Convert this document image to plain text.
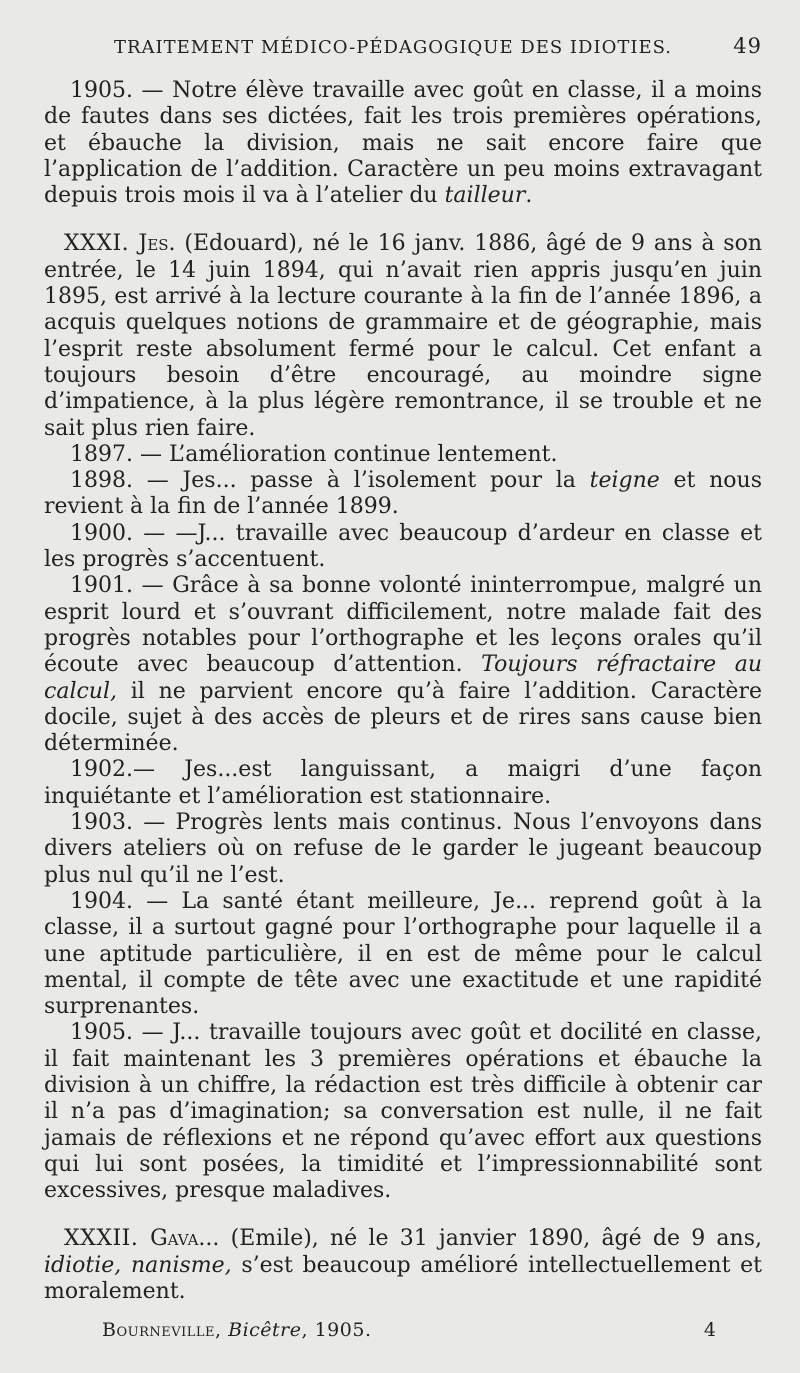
TRAITEMENT MÉDICO-PÉDAGOGIQUE DES IDIOTIES.	49

1905. — Notre élève travaille avec goût en classe, il a moins de fautes dans ses dictées, fait les trois premières opérations, et ébauche la division, mais ne sait encore faire que l’application de l’addition. Caractère un peu moins extravagant depuis trois mois il va à l’atelier du tailleur.

XXXI. Jes. (Edouard), né le 16 janv. 1886, âgé de 9 ans à son entrée, le 14 juin 1894, qui n’avait rien appris jusqu’en juin 1895, est arrivé à la lecture courante à la fin de l’année 1896, a acquis quelques notions de grammaire et de géographie, mais l’esprit reste absolument fermé pour le calcul. Cet enfant a toujours besoin d’être encouragé, au moindre signe d’impatience, à la plus légère remontrance, il se trouble et ne sait plus rien faire.

1897. — L’amélioration continue lentement.

1898. — Jes... passe à l’isolement pour la teigne et nous revient à la fin de l’année 1899.

1900. — —J... travaille avec beaucoup d’ardeur en classe et les progrès s’accentuent.

1901. — Grâce à sa bonne volonté ininterrompue, malgré un esprit lourd et s’ouvrant difficilement, notre malade fait des progrès notables pour l’orthographe et les leçons orales qu’il écoute avec beaucoup d’attention. Toujours réfractaire au calcul, il ne parvient encore qu’à faire l’addition. Caractère docile, sujet à des accès de pleurs et de rires sans cause bien déterminée.

1902.— Jes...est languissant, a maigri d’une façon inquiétante et l’amélioration est stationnaire.

1903. — Progrès lents mais continus. Nous l’envoyons dans divers ateliers où on refuse de le garder le jugeant beaucoup plus nul qu’il ne l’est.

1904. — La santé étant meilleure, Je... reprend goût à la classe, il a surtout gagné pour l’orthographe pour laquelle il a une aptitude particulière, il en est de même pour le calcul mental, il compte de tête avec une exactitude et une rapidité surprenantes.

1905. — J... travaille toujours avec goût et docilité en classe, il fait maintenant les 3 premières opérations et ébauche la division à un chiffre, la rédaction est très difficile à obtenir car il n’a pas d’imagination; sa conversation est nulle, il ne fait jamais de réflexions et ne répond qu’avec effort aux questions qui lui sont posées, la timidité et l’impressionnabilité sont excessives, presque maladives.

XXXII. Gava... (Emile), né le 31 janvier 1890, âgé de 9 ans, idiotie, nanisme, s’est beaucoup amélioré intellectuellement et moralement.

Bourneville, Bicêtre, 1905.	4
